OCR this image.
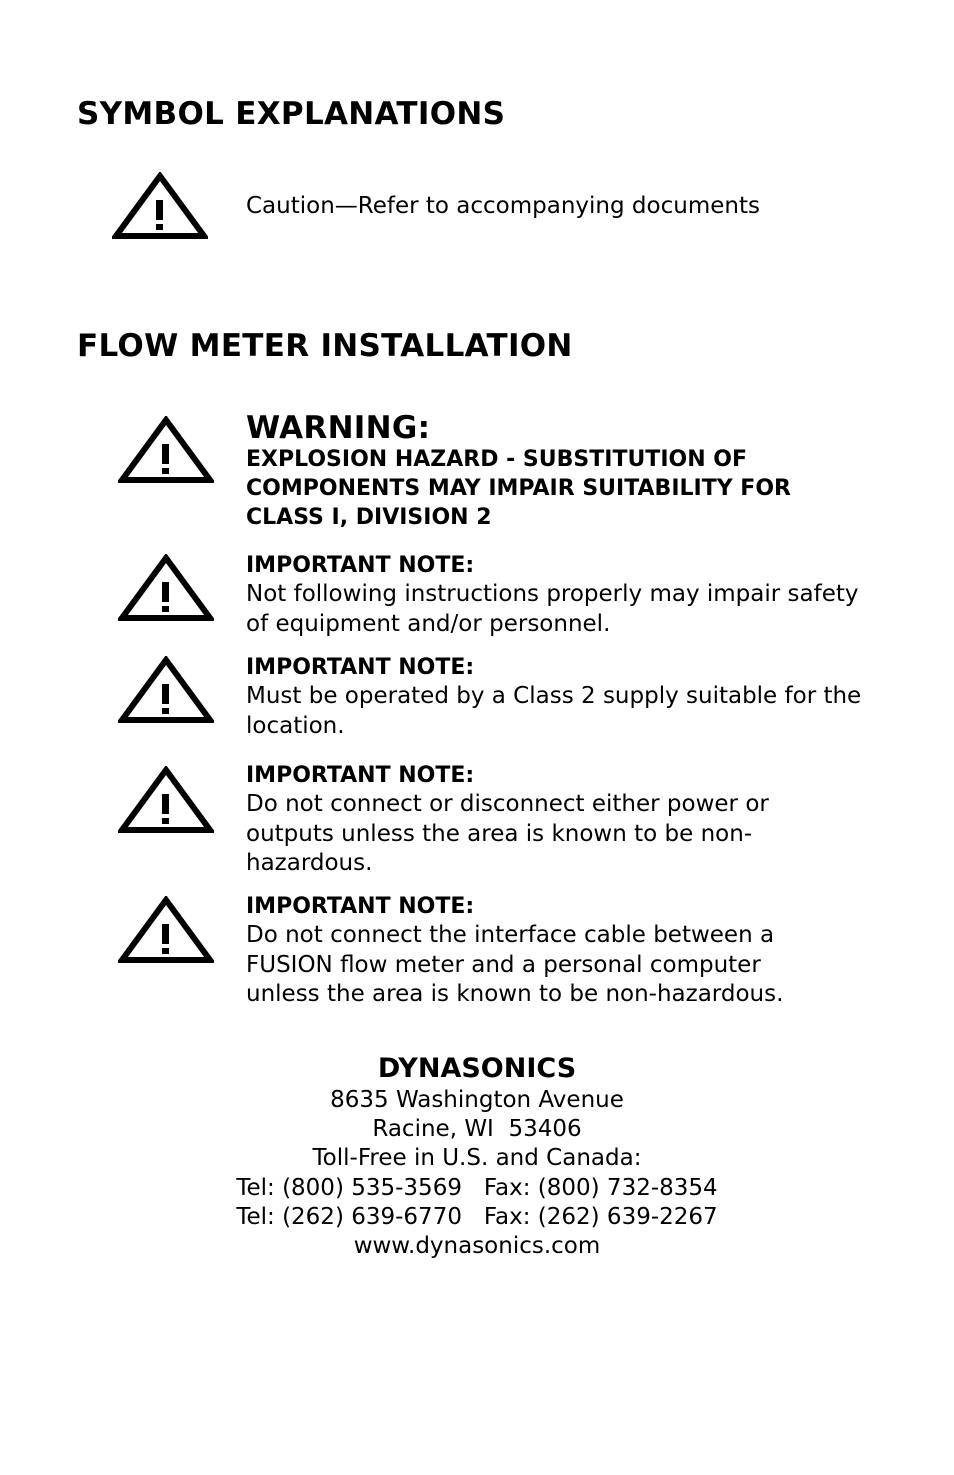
SYMBOL EXPLANATIONS
Caution—Refer to accompanying documents
FLOW METER INSTALLATION
WARNING:
EXPLOSION HAZARD - SUBSTITUTION OF COMPONENTS MAY IMPAIR SUITABILITY FOR CLASS I, DIVISION 2
IMPORTANT NOTE:
Not following instructions properly may impair safety of equipment and/or personnel.
IMPORTANT NOTE:
Must be operated by a Class 2 supply suitable for the location.
IMPORTANT NOTE:
Do not connect or disconnect either power or outputs unless the area is known to be non-hazardous.
IMPORTANT NOTE:
Do not connect the interface cable between a FUSION flow meter and a personal computer unless the area is known to be non-hazardous.
DYNASONICS
8635 Washington Avenue
Racine, WI  53406
Toll-Free in U.S. and Canada:
Tel: (800) 535-3569   Fax: (800) 732-8354
Tel: (262) 639-6770   Fax: (262) 639-2267
www.dynasonics.com
